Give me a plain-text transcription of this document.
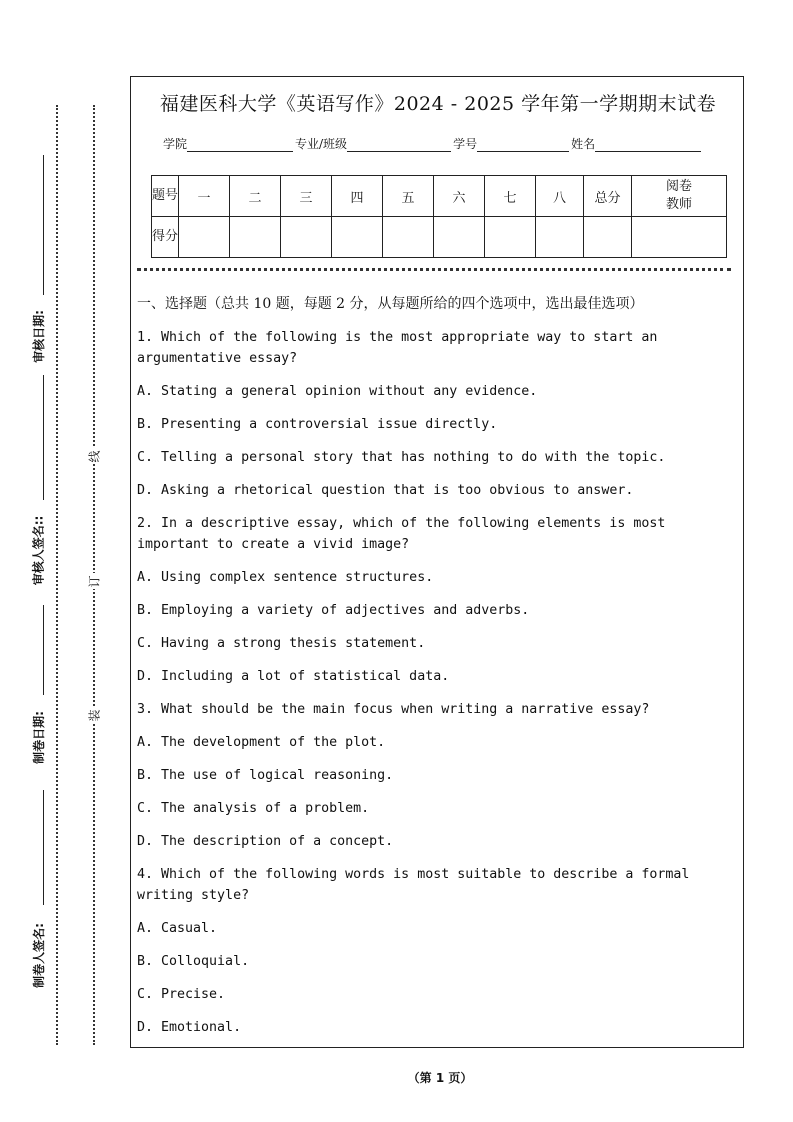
审核日期:
审核人签名::
制卷日期:
制卷人签名:
线
订
装
福建医科大学《英语写作》2024 - 2025 学年第一学期期末试卷
学院	专业/班级	学号	姓名
题号	一	二	三	四	五	六	七	八	总分	阅卷教师
得分										
一、选择题（总共 10 题，每题 2 分，从每题所给的四个选项中，选出最佳选项）
1. Which of the following is the most appropriate way to start an argumentative essay?
A. Stating a general opinion without any evidence.
B. Presenting a controversial issue directly.
C. Telling a personal story that has nothing to do with the topic.
D. Asking a rhetorical question that is too obvious to answer.
2. In a descriptive essay, which of the following elements is most important to create a vivid image?
A. Using complex sentence structures.
B. Employing a variety of adjectives and adverbs.
C. Having a strong thesis statement.
D. Including a lot of statistical data.
3. What should be the main focus when writing a narrative essay?
A. The development of the plot.
B. The use of logical reasoning.
C. The analysis of a problem.
D. The description of a concept.
4. Which of the following words is most suitable to describe a formal writing style?
A. Casual.
B. Colloquial.
C. Precise.
D. Emotional.
（第 1 页）
